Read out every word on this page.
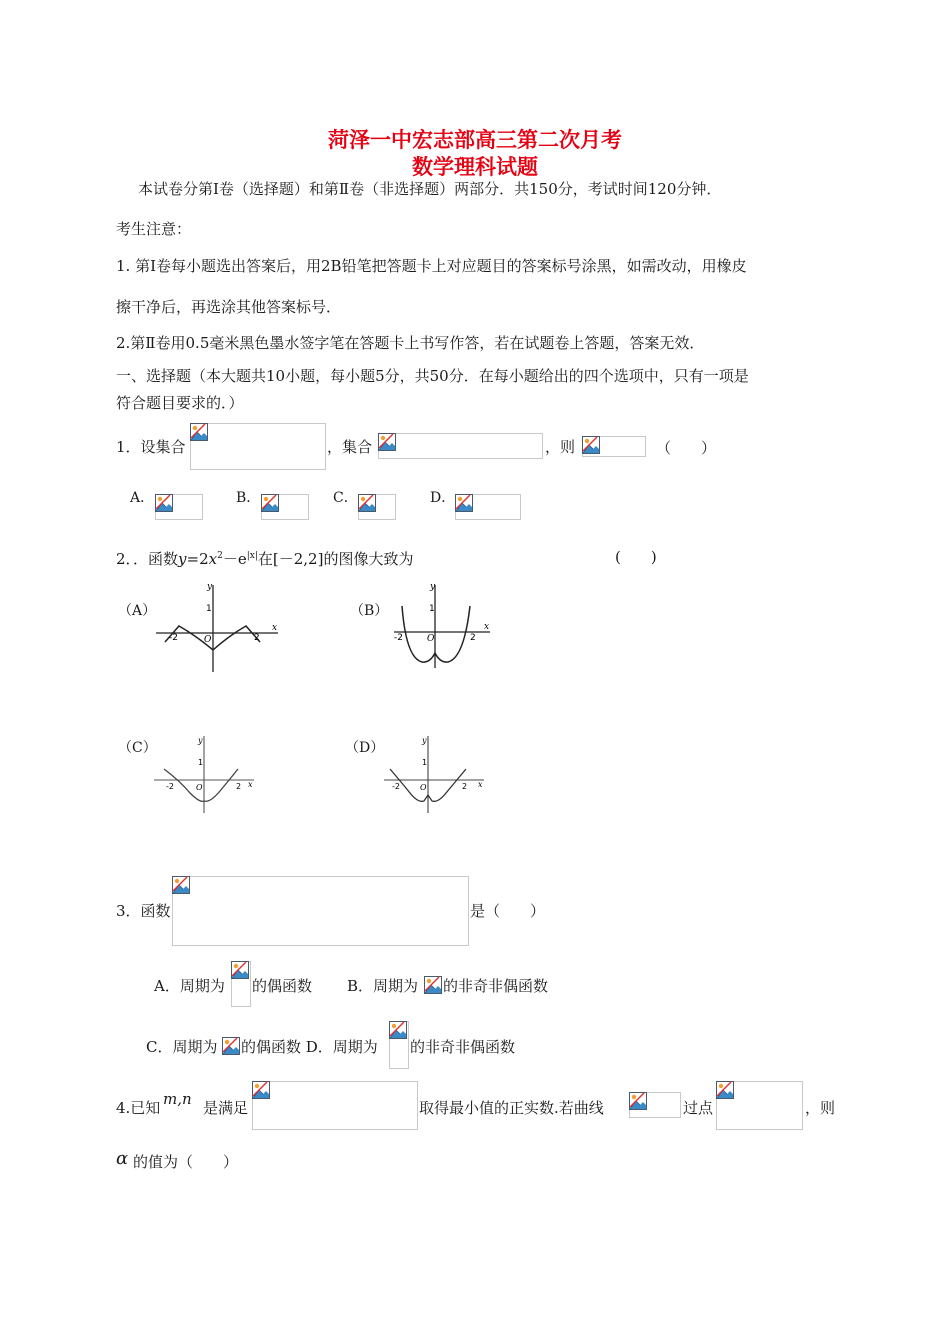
菏泽一中宏志部高三第二次月考
数学理科试题
本试卷分第Ⅰ卷（选择题）和第Ⅱ卷（非选择题）两部分．共150分，考试时间120分钟．
考生注意：
1. 第Ⅰ卷每小题选出答案后，用2B铅笔把答题卡上对应题目的答案标号涂黑，如需改动，用橡皮
擦干净后，再选涂其他答案标号．
2.第Ⅱ卷用0.5毫米黑色墨水签字笔在答题卡上书写作答，若在试题卷上答题，答案无效．
一、选择题（本大题共10小题，每小题5分，共50分．在每小题给出的四个选项中，只有一项是
符合题目要求的．）
1．设集合	，集合	，则	（　　）
A．	B．	C．	D．
2．．函数$y=2x^2-e^{|x|}$在[－2,2]的图像大致为	(　　)
（A）	（B）
（C）	（D）
y
x
1
-2	2
O
y
x
1
-2	2
O
y
x
1
-2	2
O
y
x
1
-2	2
O
3．函数	是（　　）
A．周期为 的偶函数 B．周期为 的非奇非偶函数
C．周期为 的偶函数 D．周期为 的非奇非偶函数
4.已知 m,n 是满足	取得最小值的正实数.若曲线	过点	，则
α 的值为（　　）
